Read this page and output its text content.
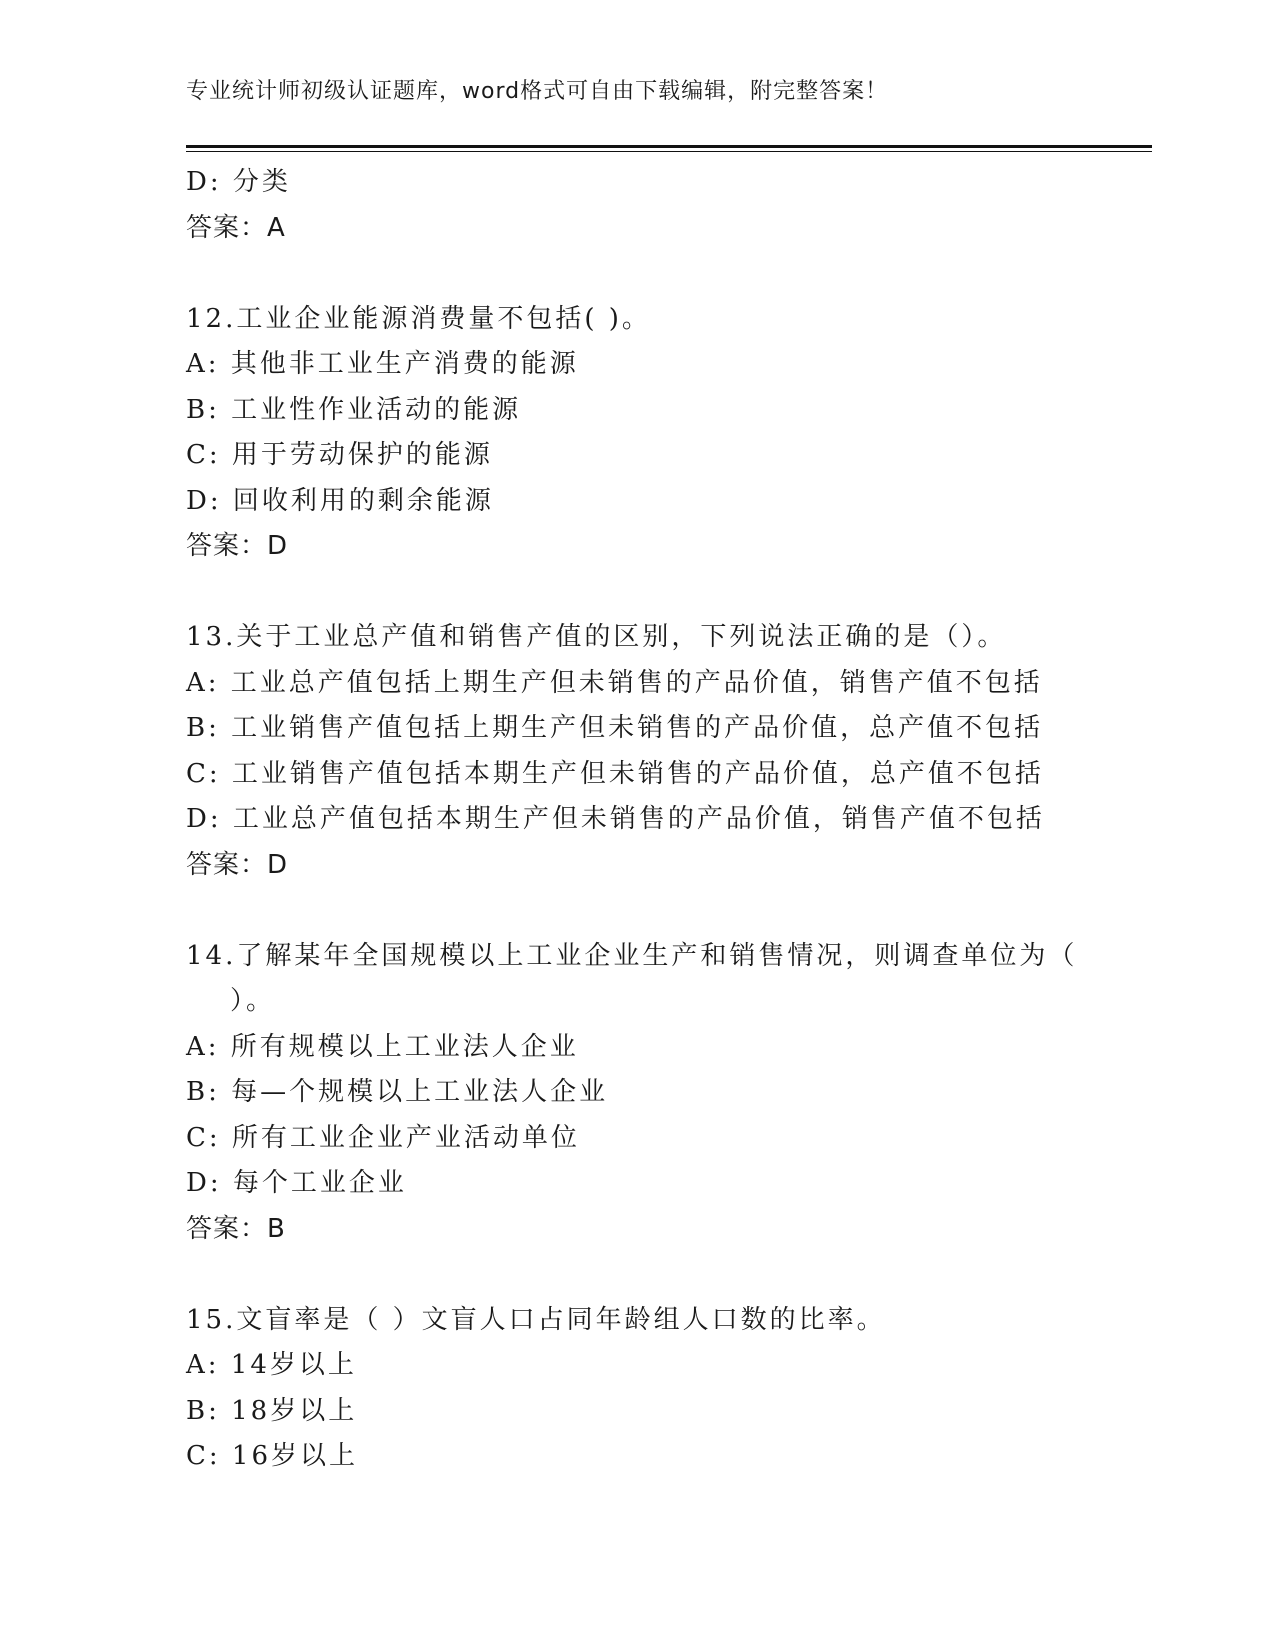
专业统计师初级认证题库，word格式可自由下载编辑，附完整答案！
D: 分类
答案：A
12.工业企业能源消费量不包括( )。
A: 其他非工业生产消费的能源
B: 工业性作业活动的能源
C: 用于劳动保护的能源
D: 回收利用的剩余能源
答案：D
13.关于工业总产值和销售产值的区别，下列说法正确的是（）。
A: 工业总产值包括上期生产但未销售的产品价值，销售产值不包括
B: 工业销售产值包括上期生产但未销售的产品价值，总产值不包括
C: 工业销售产值包括本期生产但未销售的产品价值，总产值不包括
D: 工业总产值包括本期生产但未销售的产品价值，销售产值不包括
答案：D
14.了解某年全国规模以上工业企业生产和销售情况，则调查单位为（
）。
A: 所有规模以上工业法人企业
B: 每—个规模以上工业法人企业
C: 所有工业企业产业活动单位
D: 每个工业企业
答案：B
15.文盲率是（ ）文盲人口占同年龄组人口数的比率。
A: 14岁以上
B: 18岁以上
C: 16岁以上
